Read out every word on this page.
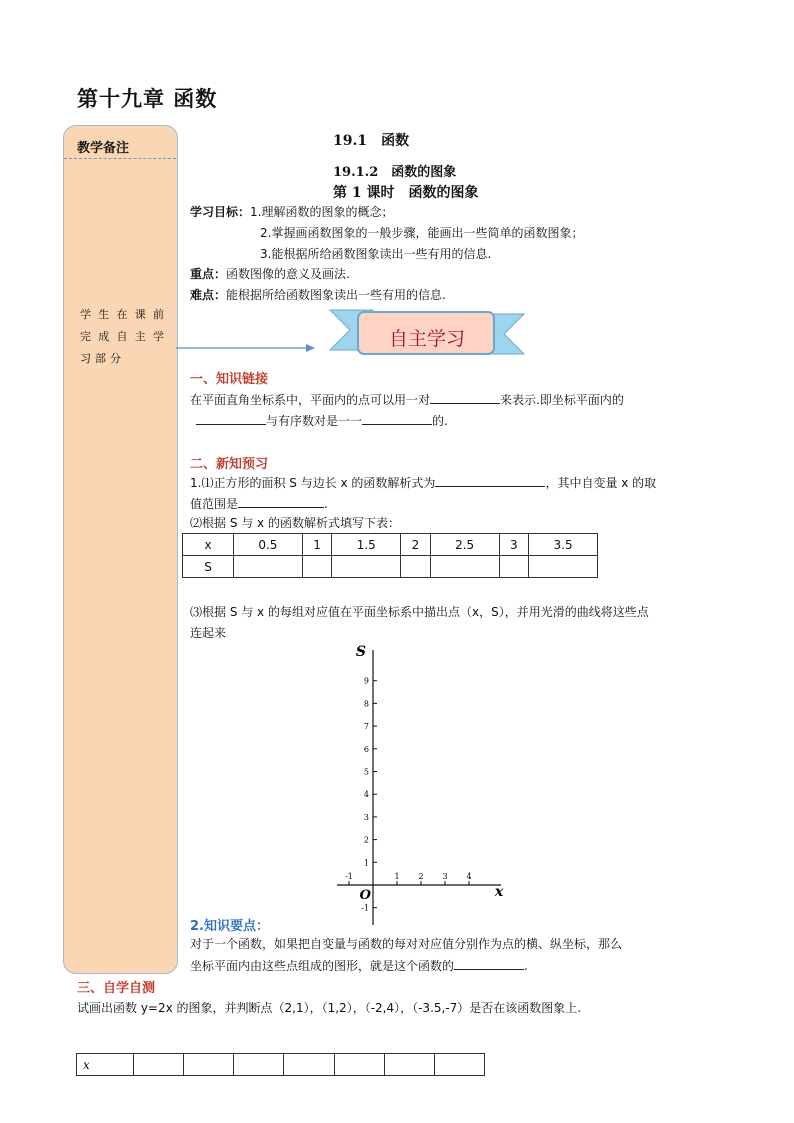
第十九章 函数
教学备注
学生在课前
完成自主学
习部分
19.1　函数
19.1.2　函数的图象
第 1 课时　函数的图象
学习目标：1.理解函数的图象的概念；
2.掌握画函数图象的一般步骤，能画出一些简单的函数图象；
3.能根据所给函数图象读出一些有用的信息.
重点：函数图像的意义及画法.
难点：能根据所给函数图象读出一些有用的信息.
自主学习
一、知识链接
在平面直角坐标系中，平面内的点可以用一对	来表示.即坐标平面内的
与有序数对是一一	的.
二、新知预习
1.⑴正方形的面积 S 与边长 x 的函数解析式为	，其中自变量 x 的取
值范围是	.
⑵根据 S 与 x 的函数解析式填写下表：
x	0.5	1	1.5	2	2.5	3	3.5
S							
⑶根据 S 与 x 的每组对应值在平面坐标系中描出点（x，S），并用光滑的曲线将这些点
连起来
-1
1
2
3
4
5
6
7
8
9
-1	1 2 3 4
S
x
O
2.知识要点：
对于一个函数，如果把自变量与函数的每对对应值分别作为点的横、纵坐标，那么
坐标平面内由这些点组成的图形，就是这个函数的	.
三、自学自测
试画出函数 y=2x 的图象，并判断点（2,1），（1,2），（-2,4），（-3.5,-7）是否在该函数图象上.
x							
